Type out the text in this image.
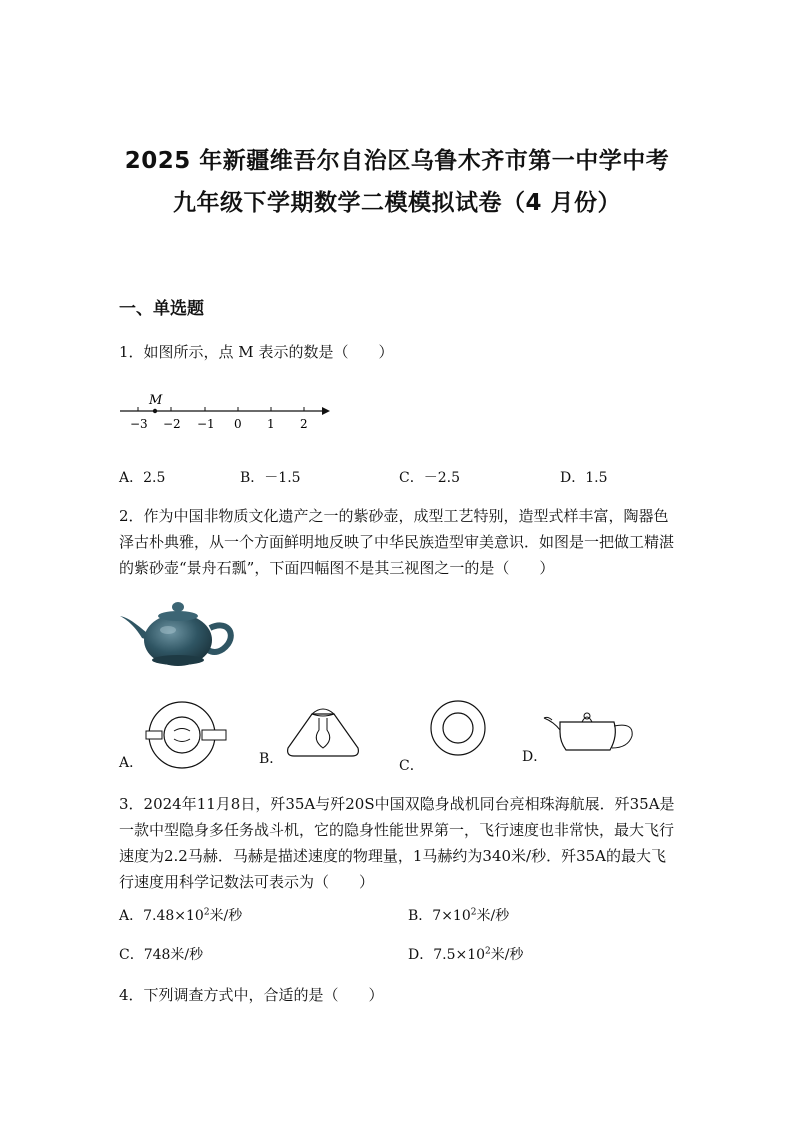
2025 年新疆维吾尔自治区乌鲁木齐市第一中学中考
九年级下学期数学二模模拟试卷（4 月份）
一、单选题
1．如图所示，点 M 表示的数是（　　）
M
−3 −2 −1 0 1 2
A．2.5	B．－1.5	C．－2.5	D．1.5
2．作为中国非物质文化遗产之一的紫砂壶，成型工艺特别，造型式样丰富，陶器色泽古朴典雅，从一个方面鲜明地反映了中华民族造型审美意识．如图是一把做工精湛的紫砂壶“景舟石瓢”，下面四幅图不是其三视图之一的是（　　）
A．	B．	C．
D．
3．2024年11月8日，歼35A与歼20S中国双隐身战机同台亮相珠海航展．歼35A是一款中型隐身多任务战斗机，它的隐身性能世界第一，飞行速度也非常快，最大飞行速度为2.2马赫．马赫是描述速度的物理量，1马赫约为340米/秒．歼35A的最大飞行速度用科学记数法可表示为（　　）
A．$7.48\times 10^2$米/秒	B．$7\times 10^2$米/秒
C．748米/秒	D．$7.5\times 10^2$米/秒
4．下列调查方式中，合适的是（　　）
